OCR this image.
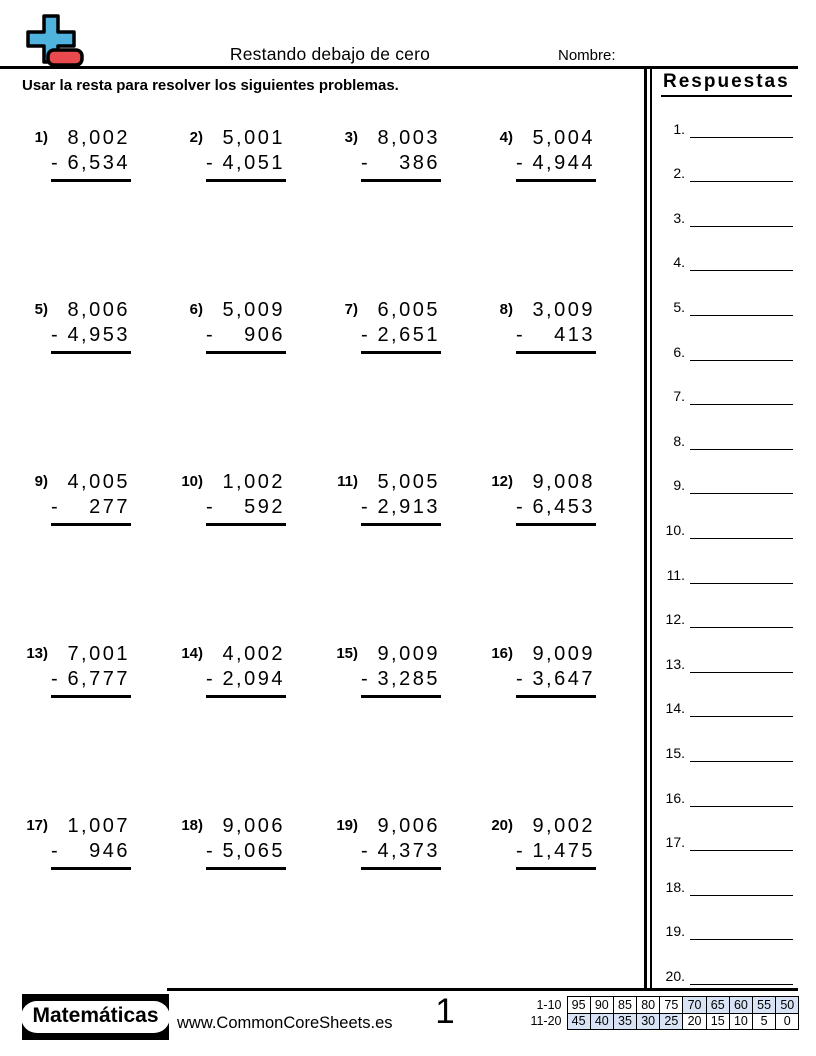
Restando debajo de cero	Nombre:
Usar la resta para resolver los siguientes problemas.
1) 8,002
- 6,534
2) 5,001
- 4,051
3) 8,003
- 386
4) 5,004
- 4,944
5) 8,006
- 4,953
6) 5,009
- 906
7) 6,005
- 2,651
8) 3,009
- 413
9) 4,005
- 277
10) 1,002
- 592
11) 5,005
- 2,913
12) 9,008
- 6,453
13) 7,001
- 6,777
14) 4,002
- 2,094
15) 9,009
- 3,285
16) 9,009
- 3,647
17) 1,007
- 946
18) 9,006
- 5,065
19) 9,006
- 4,373
20) 9,002
- 1,475
Respuestas
1.
2.
3.
4.
5.
6.
7.
8.
9.
10.
11.
12.
13.
14.
15.
16.
17.
18.
19.
20.
Matemáticas	www.CommonCoreSheets.es	1	1-10	95	90	85	80	75	70	65	60	55	50
11-20	45	40	35	30	25	20	15	10	5	0
